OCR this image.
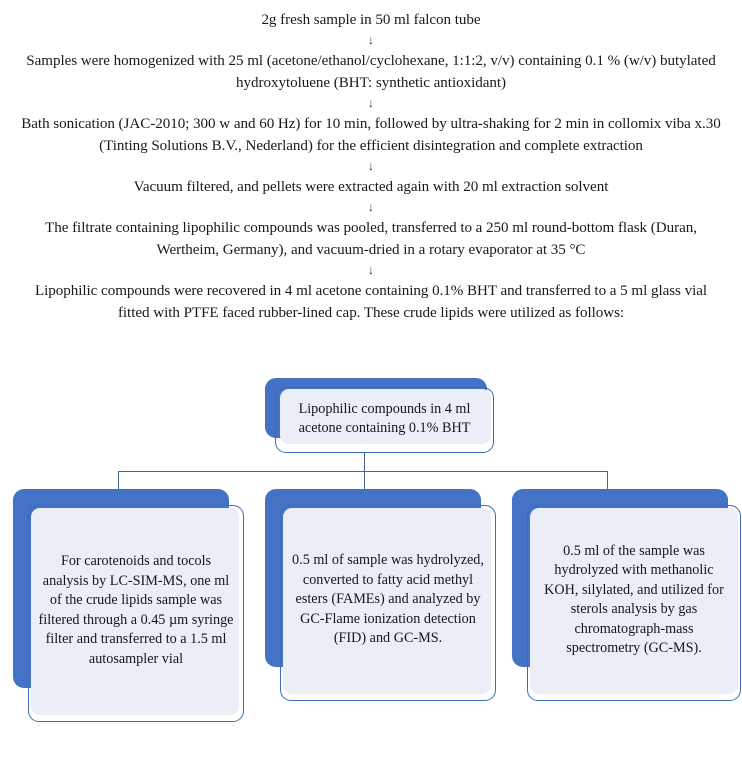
2g fresh sample in 50 ml falcon tube
↓
Samples were homogenized with 25 ml (acetone/ethanol/cyclohexane, 1:1:2, v/v) containing 0.1 % (w/v) butylated hydroxytoluene (BHT: synthetic antioxidant)
↓
Bath sonication (JAC-2010; 300 w and 60 Hz) for 10 min, followed by ultra-shaking for 2 min in collomix viba x.30 (Tinting Solutions B.V., Nederland) for the efficient disintegration and complete extraction
↓
Vacuum filtered, and pellets were extracted again with 20 ml extraction solvent
↓
The filtrate containing lipophilic compounds was pooled, transferred to a 250 ml round-bottom flask (Duran, Wertheim, Germany), and vacuum-dried in a rotary evaporator at 35 °C
↓
Lipophilic compounds were recovered in 4 ml acetone containing 0.1% BHT and transferred to a 5 ml glass vial fitted with PTFE faced rubber-lined cap. These crude lipids were utilized as follows:
Lipophilic compounds in 4 ml acetone containing 0.1% BHT
For carotenoids and tocols analysis by LC-SIM-MS, one ml of the crude lipids sample was filtered through a 0.45 µm syringe filter and transferred to a 1.5 ml autosampler vial
0.5 ml of sample was hydrolyzed, converted to fatty acid methyl esters (FAMEs) and analyzed by GC-Flame ionization detection (FID) and GC-MS.
0.5 ml of the sample was hydrolyzed with methanolic KOH, silylated, and utilized for sterols analysis by gas chromatograph-mass spectrometry (GC-MS).
